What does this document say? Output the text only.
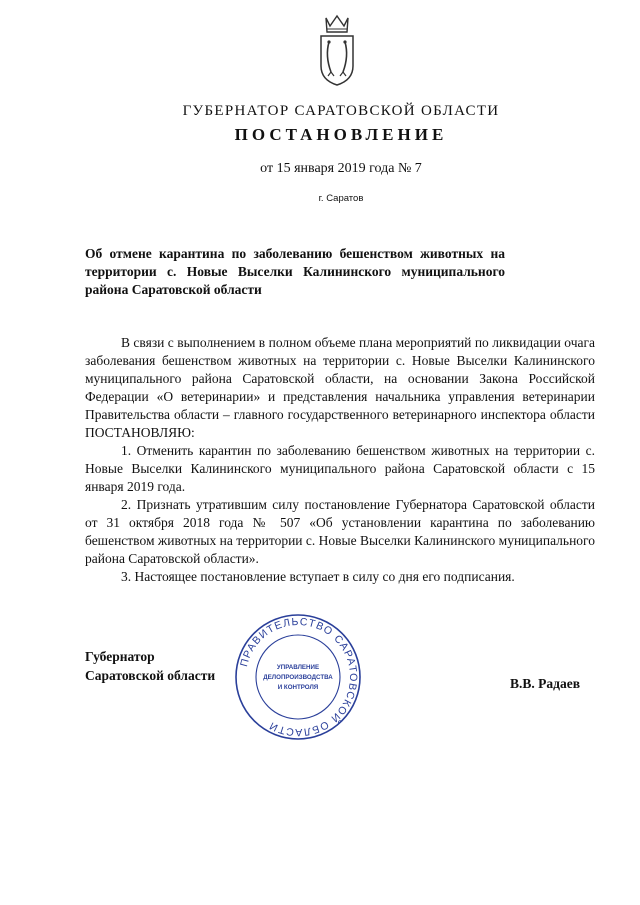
ГУБЕРНАТОР САРАТОВСКОЙ ОБЛАСТИ
ПОСТАНОВЛЕНИЕ
от 15 января 2019 года № 7
г. Саратов
Об отмене карантина по заболеванию бешенством животных на территории с. Новые Выселки Калининского муниципального района Саратовской области

В связи с выполнением в полном объеме плана мероприятий по ликвидации очага заболевания бешенством животных на территории с. Новые Выселки Калининского муниципального района Саратовской области, на основании Закона Российской Федерации «О ветеринарии» и представления начальника управления ветеринарии Правительства области – главного государственного ветеринарного инспектора области ПОСТАНОВЛЯЮ:

1. Отменить карантин по заболеванию бешенством животных на территории с. Новые Выселки Калининского муниципального района Саратовской области с 15 января 2019 года.

2. Признать утратившим силу постановление Губернатора Саратовской области от 31 октября 2018 года № 507 «Об установлении карантина по заболеванию бешенством животных на территории с. Новые Выселки Калининского муниципального района Саратовской области».

3. Настоящее постановление вступает в силу со дня его подписания.

Губернатор
Саратовской области
ПРАВИТЕЛЬСТВО САРАТОВСКОЙ ОБЛАСТИ
УПРАВЛЕНИЕ
ДЕЛОПРОИЗВОДСТВА
И КОНТРОЛЯ	В.В. Радаев
